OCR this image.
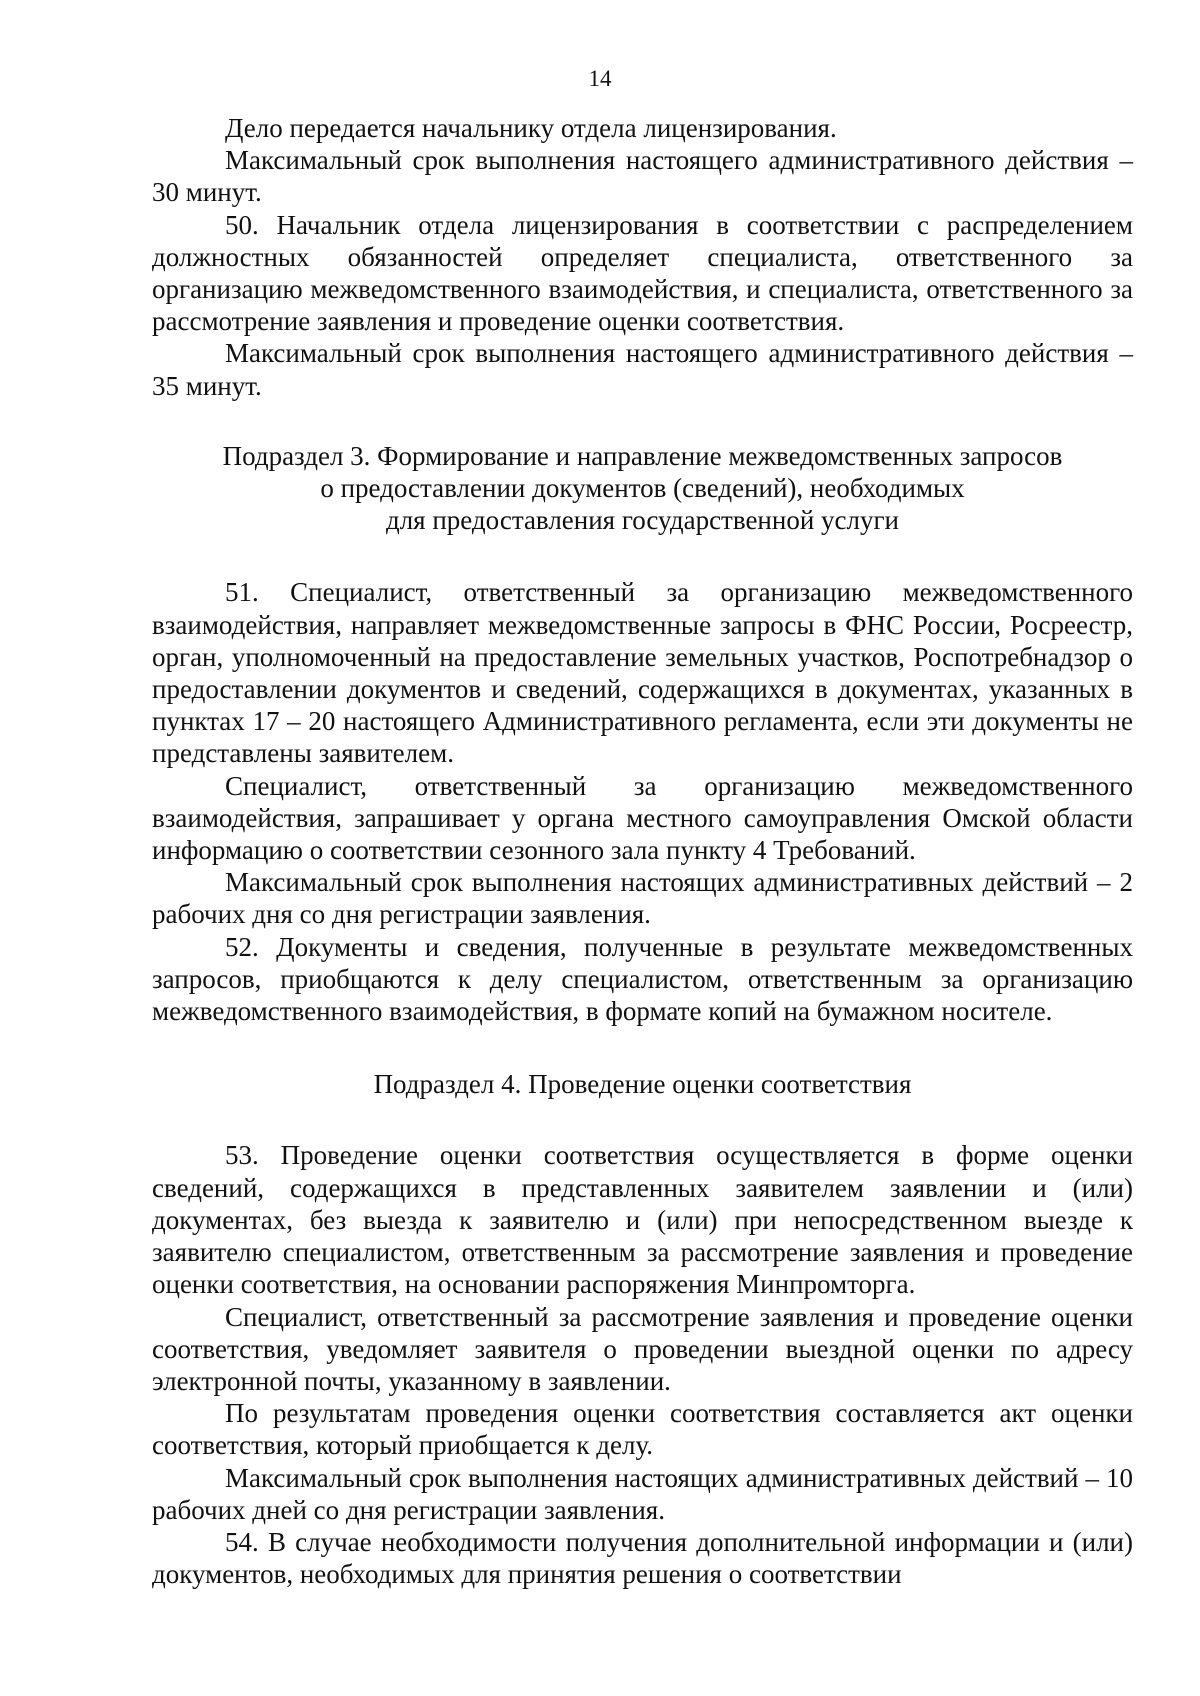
14

Дело передается начальнику отдела лицензирования.

Максимальный срок выполнения настоящего административного действия – 30 минут.

50. Начальник отдела лицензирования в соответствии с распределением должностных обязанностей определяет специалиста, ответственного за организацию межведомственного взаимодействия, и специалиста, ответственного за рассмотрение заявления и проведение оценки соответствия.

Максимальный срок выполнения настоящего административного действия – 35 минут.

Подраздел 3. Формирование и направление межведомственных запросов
о предоставлении документов (сведений), необходимых
для предоставления государственной услуги

51. Специалист, ответственный за организацию межведомственного взаимодействия, направляет межведомственные запросы в ФНС России, Росреестр, орган, уполномоченный на предоставление земельных участков, Роспотребнадзор о предоставлении документов и сведений, содержащихся в документах, указанных в пунктах 17 – 20 настоящего Административного регламента, если эти документы не представлены заявителем.

Специалист, ответственный за организацию межведомственного взаимодействия, запрашивает у органа местного самоуправления Омской области информацию о соответствии сезонного зала пункту 4 Требований.

Максимальный срок выполнения настоящих административных действий – 2 рабочих дня со дня регистрации заявления.

52. Документы и сведения, полученные в результате межведомственных запросов, приобщаются к делу специалистом, ответственным за организацию межведомственного взаимодействия, в формате копий на бумажном носителе.

Подраздел 4. Проведение оценки соответствия

53. Проведение оценки соответствия осуществляется в форме оценки сведений, содержащихся в представленных заявителем заявлении и (или) документах, без выезда к заявителю и (или) при непосредственном выезде к заявителю специалистом, ответственным за рассмотрение заявления и проведение оценки соответствия, на основании распоряжения Минпромторга.

Специалист, ответственный за рассмотрение заявления и проведение оценки соответствия, уведомляет заявителя о проведении выездной оценки по адресу электронной почты, указанному в заявлении.

По результатам проведения оценки соответствия составляется акт оценки соответствия, который приобщается к делу.

Максимальный срок выполнения настоящих административных действий – 10 рабочих дней со дня регистрации заявления.

54. В случае необходимости получения дополнительной информации и (или) документов, необходимых для принятия решения о соответствии
